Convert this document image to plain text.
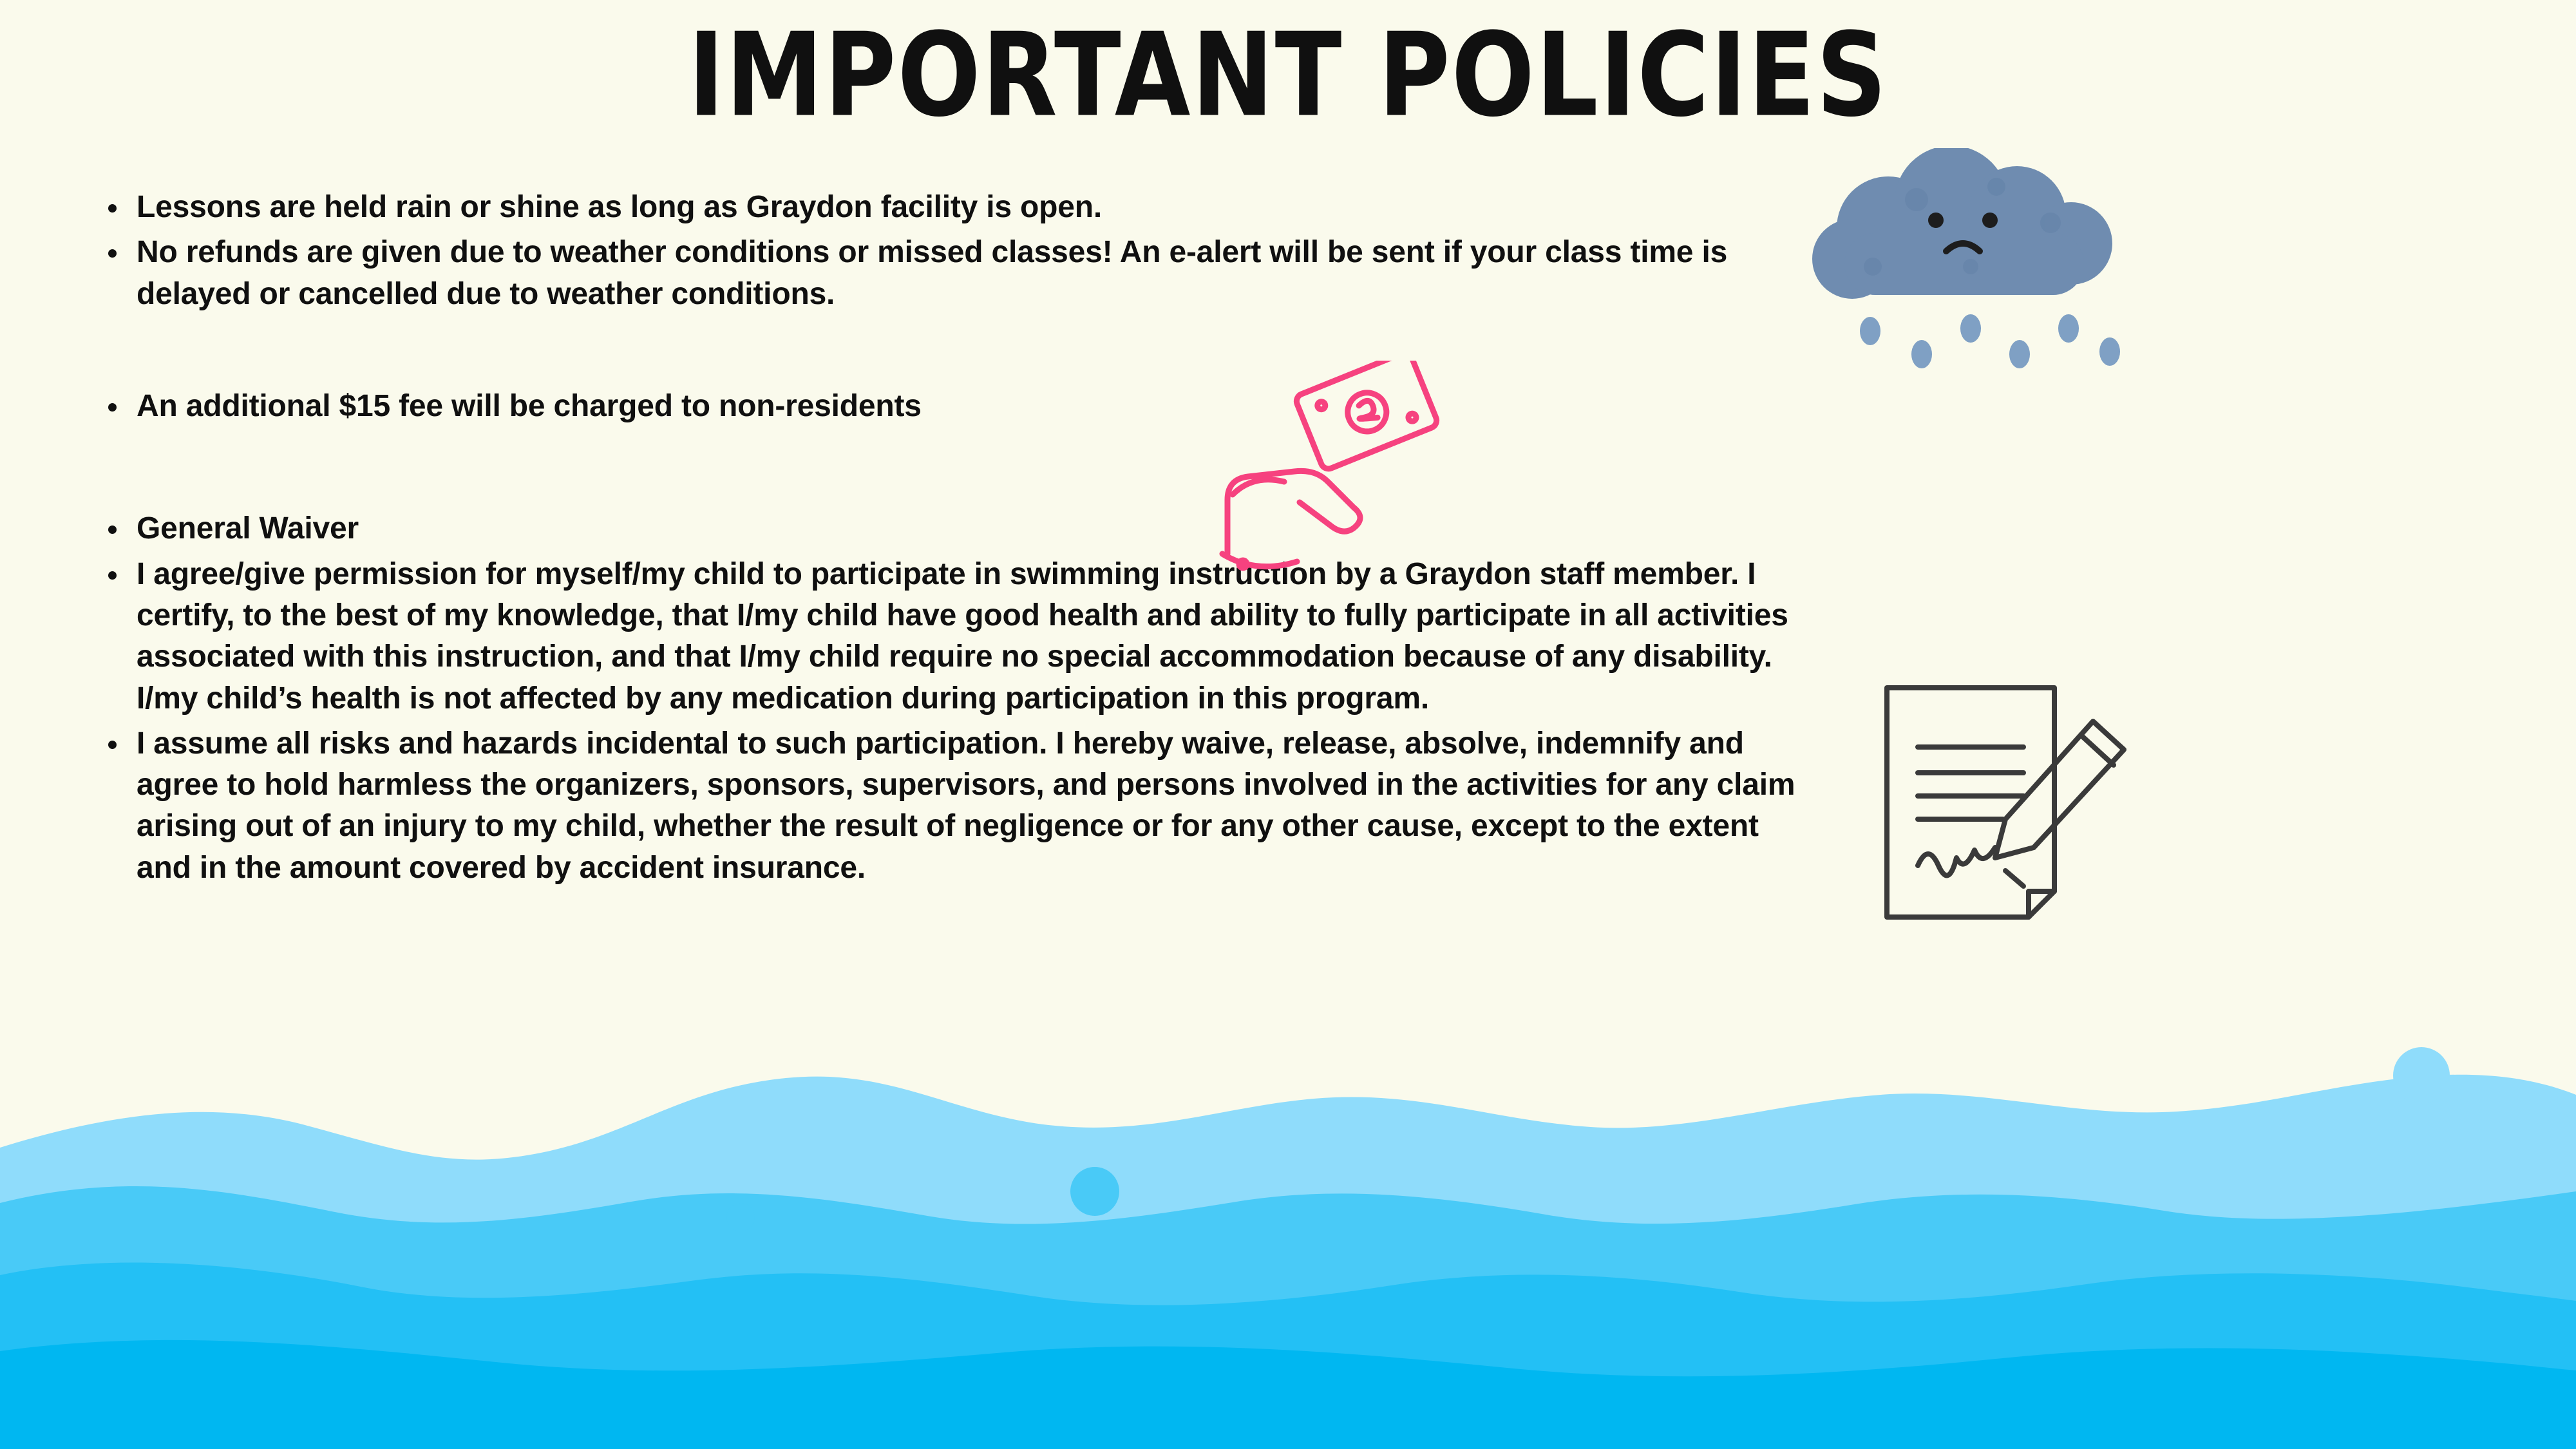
IMPORTANT POLICIES
Lessons are held rain or shine as long as Graydon facility is open.
No refunds are given due to weather conditions or missed classes! An e-alert will be sent if your class time is delayed or cancelled due to weather conditions.
An additional $15 fee will be charged to non-residents
General Waiver
I agree/give permission for myself/my child to participate in swimming instruction by a Graydon staff member. I certify, to the best of my knowledge, that I/my child have good health and ability to fully participate in all activities associated with this instruction, and that I/my child require no special accommodation because of any disability. I/my child’s health is not affected by any medication during participation in this program.
I assume all risks and hazards incidental to such participation. I hereby waive, release, absolve, indemnify and agree to hold harmless the organizers, sponsors, supervisors, and persons involved in the activities for any claim arising out of an injury to my child, whether the result of negligence or for any other cause, except to the extent and in the amount covered by accident insurance.
